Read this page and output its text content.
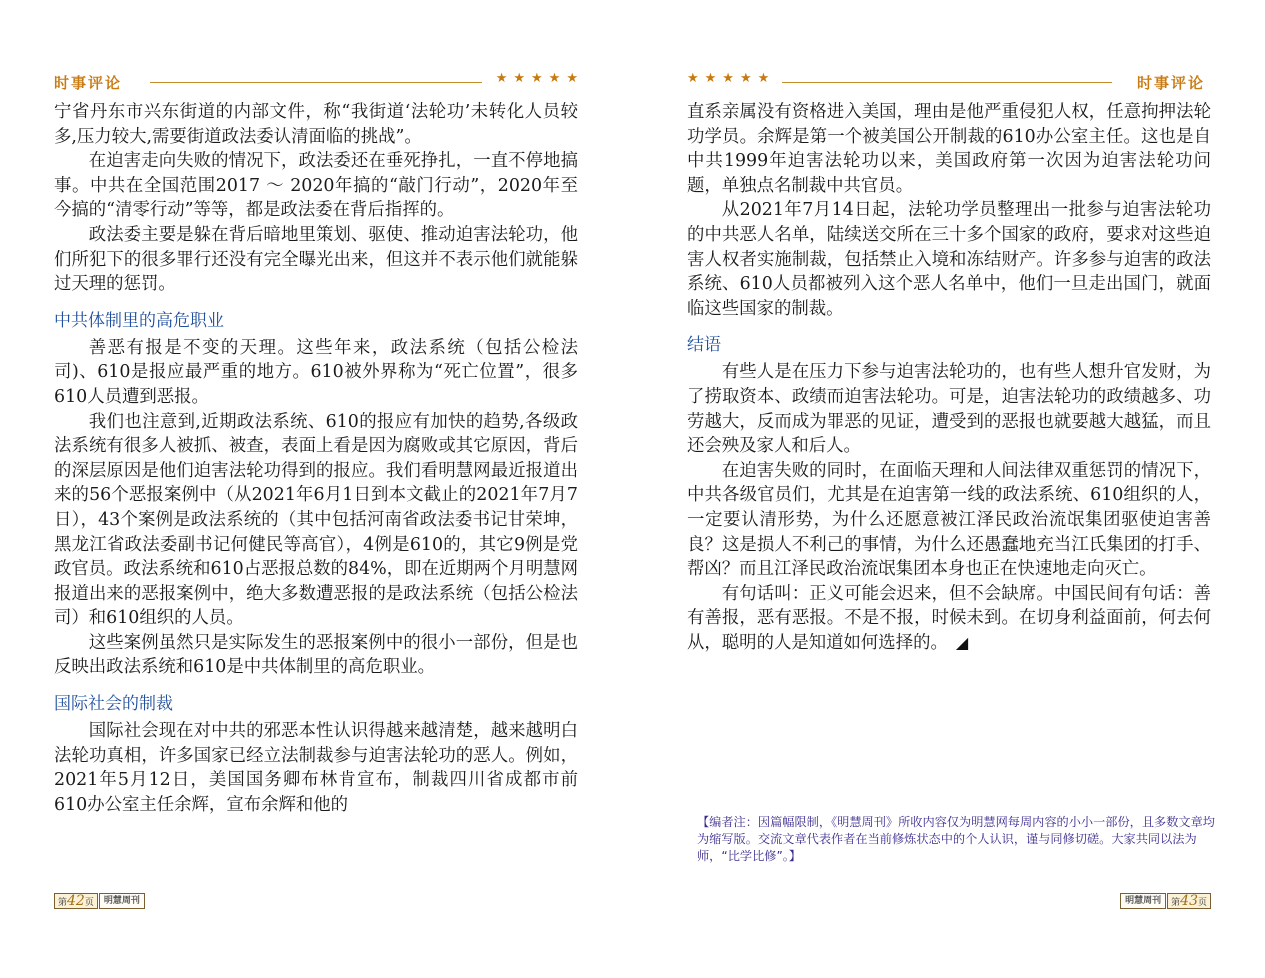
时事评论	★★★★★

宁省丹东市兴东街道的内部文件，称“我街道‘法轮功’未转化人员较多,压力较大,需要街道政法委认清面临的挑战”。

在迫害走向失败的情况下，政法委还在垂死挣扎，一直不停地搞事。中共在全国范围2017 ～ 2020年搞的“敲门行动”，2020年至今搞的“清零行动”等等，都是政法委在背后指挥的。

政法委主要是躲在背后暗地里策划、驱使、推动迫害法轮功，他们所犯下的很多罪行还没有完全曝光出来，但这并不表示他们就能躲过天理的惩罚。

中共体制里的高危职业

善恶有报是不变的天理。这些年来，政法系统（包括公检法司)、610是报应最严重的地方。610被外界称为“死亡位置”，很多610人员遭到恶报。

我们也注意到,近期政法系统、610的报应有加快的趋势,各级政法系统有很多人被抓、被查，表面上看是因为腐败或其它原因，背后的深层原因是他们迫害法轮功得到的报应。我们看明慧网最近报道出来的56个恶报案例中（从2021年6月1日到本文截止的2021年7月7日），43个案例是政法系统的（其中包括河南省政法委书记甘荣坤，黑龙江省政法委副书记何健民等高官），4例是610的，其它9例是党政官员。政法系统和610占恶报总数的84%，即在近期两个月明慧网报道出来的恶报案例中，绝大多数遭恶报的是政法系统（包括公检法司）和610组织的人员。

这些案例虽然只是实际发生的恶报案例中的很小一部份，但是也反映出政法系统和610是中共体制里的高危职业。

国际社会的制裁

国际社会现在对中共的邪恶本性认识得越来越清楚，越来越明白法轮功真相，许多国家已经立法制裁参与迫害法轮功的恶人。例如，2021年5月12日，美国国务卿布林肯宣布，制裁四川省成都市前610办公室主任余辉，宣布余辉和他的

第42页 明慧周刊
★★★★★	时事评论

直系亲属没有资格进入美国，理由是他严重侵犯人权，任意拘押法轮功学员。余辉是第一个被美国公开制裁的610办公室主任。这也是自中共1999年迫害法轮功以来，美国政府第一次因为迫害法轮功问题，单独点名制裁中共官员。

从2021年7月14日起，法轮功学员整理出一批参与迫害法轮功的中共恶人名单，陆续送交所在三十多个国家的政府，要求对这些迫害人权者实施制裁，包括禁止入境和冻结财产。许多参与迫害的政法系统、610人员都被列入这个恶人名单中，他们一旦走出国门，就面临这些国家的制裁。

结语

有些人是在压力下参与迫害法轮功的，也有些人想升官发财，为了捞取资本、政绩而迫害法轮功。可是，迫害法轮功的政绩越多、功劳越大，反而成为罪恶的见证，遭受到的恶报也就要越大越猛，而且还会殃及家人和后人。

在迫害失败的同时，在面临天理和人间法律双重惩罚的情况下，中共各级官员们，尤其是在迫害第一线的政法系统、610组织的人，一定要认清形势，为什么还愿意被江泽民政治流氓集团驱使迫害善良？这是损人不利己的事情，为什么还愚蠢地充当江氏集团的打手、帮凶？而且江泽民政治流氓集团本身也正在快速地走向灭亡。

有句话叫：正义可能会迟来，但不会缺席。中国民间有句话：善有善报，恶有恶报。不是不报，时候未到。在切身利益面前，何去何从，聪明的人是知道如何选择的。 ◢

【编者注：因篇幅限制，《明慧周刊》所收内容仅为明慧网每周内容的小小一部份，且多数文章均为缩写版。交流文章代表作者在当前修炼状态中的个人认识，谨与同修切磋。大家共同以法为师，“比学比修”。】
明慧周刊 第43页
